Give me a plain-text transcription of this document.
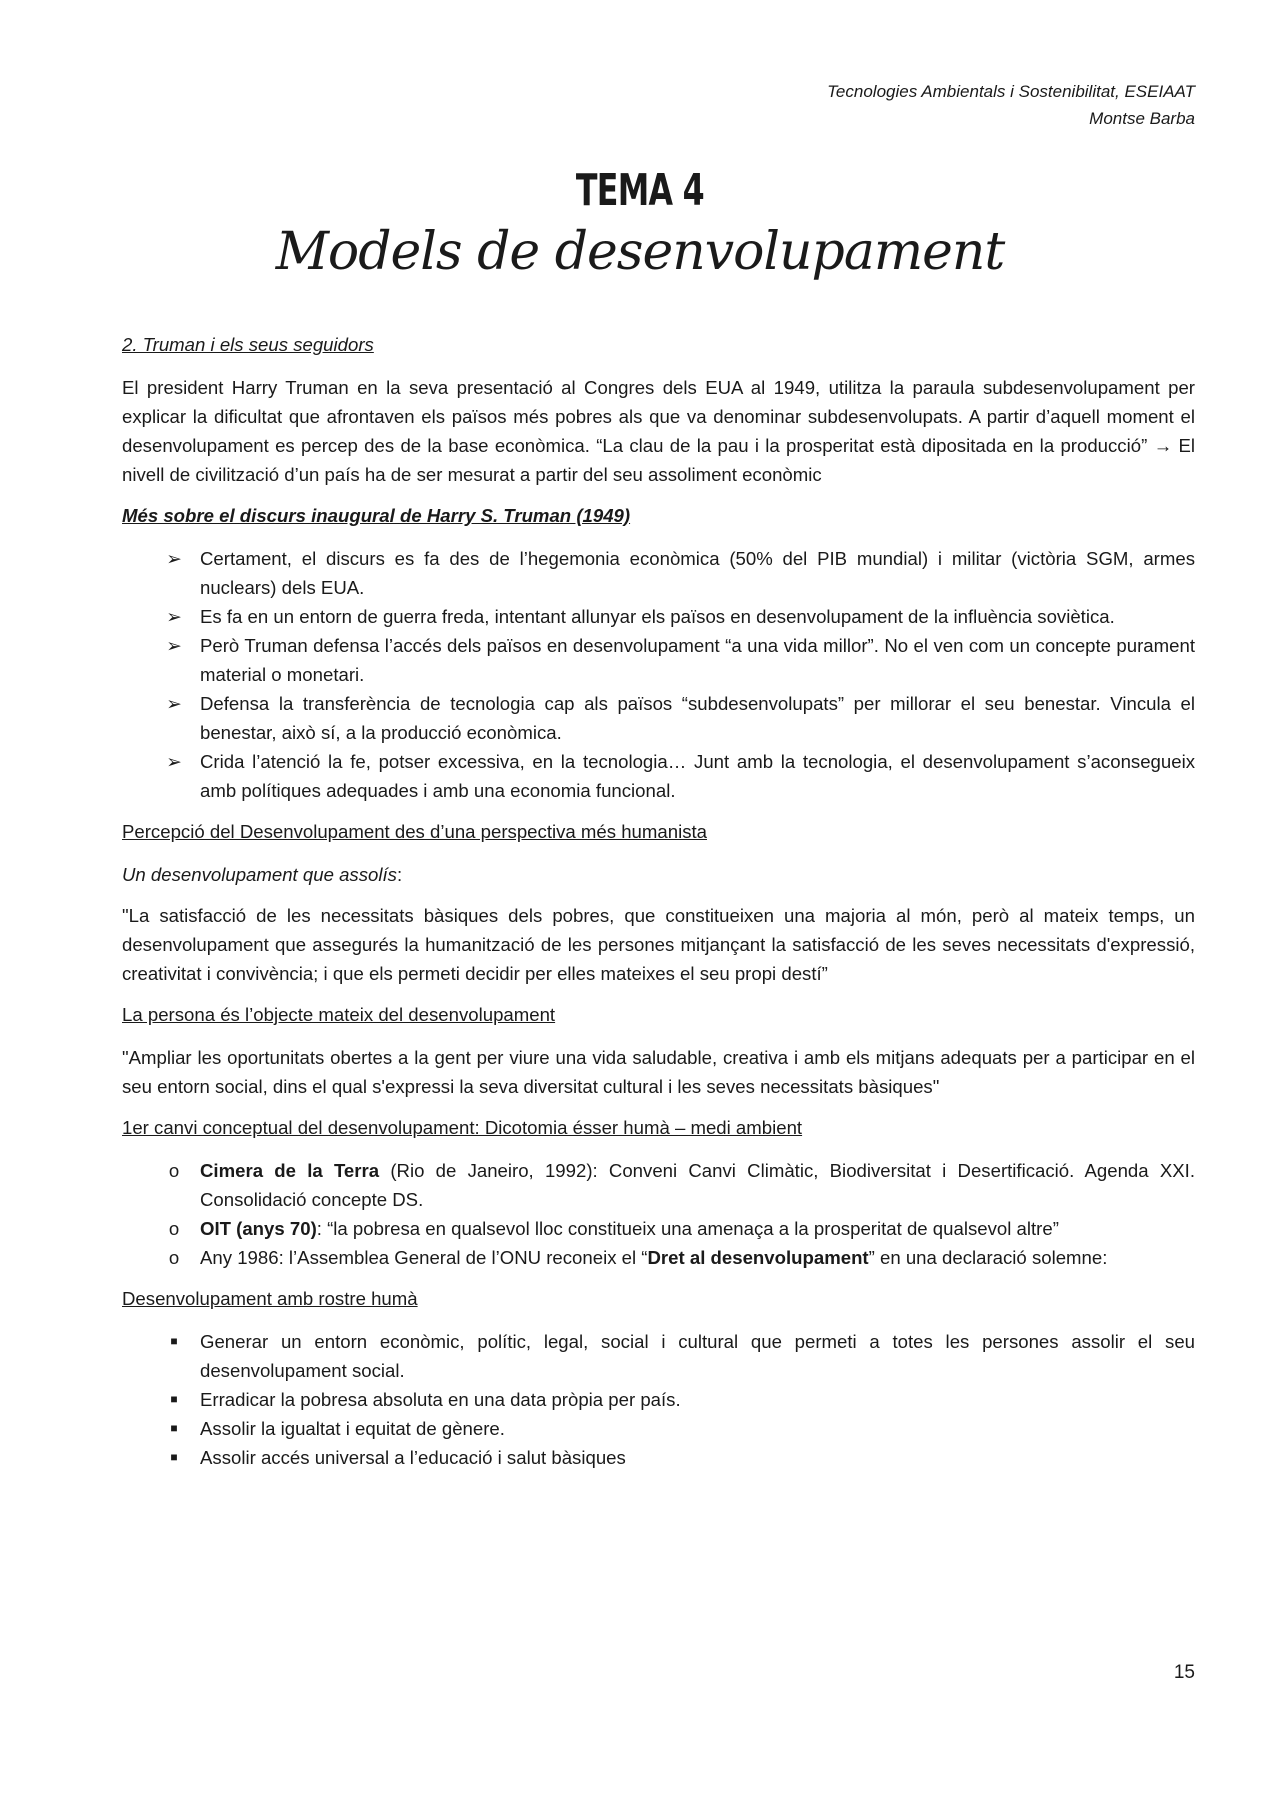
Tecnologies Ambientals i Sostenibilitat, ESEIAAT
Montse Barba
TEMA 4
Models de desenvolupament
2. Truman i els seus seguidors

El president Harry Truman en la seva presentació al Congres dels EUA al 1949, utilitza la paraula subdesenvolupament per explicar la dificultat que afrontaven els països més pobres als que va denominar subdesenvolupats. A partir d’aquell moment el desenvolupament es percep des de la base econòmica. “La clau de la pau i la prosperitat està dipositada en la producció” → El nivell de civilització d’un país ha de ser mesurat a partir del seu assoliment econòmic

Més sobre el discurs inaugural de Harry S. Truman (1949)
➢ Certament, el discurs es fa des de l’hegemonia econòmica (50% del PIB mundial) i militar (victòria SGM, armes nuclears) dels EUA.
➢ Es fa en un entorn de guerra freda, intentant allunyar els països en desenvolupament de la influència soviètica.
➢ Però Truman defensa l’accés dels països en desenvolupament “a una vida millor”. No el ven com un concepte purament material o monetari.
➢ Defensa la transferència de tecnologia cap als països “subdesenvolupats” per millorar el seu benestar. Vincula el benestar, això sí, a la producció econòmica.
➢ Crida l’atenció la fe, potser excessiva, en la tecnologia… Junt amb la tecnologia, el desenvolupament s’aconsegueix amb polítiques adequades i amb una economia funcional.
Percepció del Desenvolupament des d’una perspectiva més humanista

Un desenvolupament que assolís:

"La satisfacció de les necessitats bàsiques dels pobres, que constitueixen una majoria al món, però al mateix temps, un desenvolupament que assegurés la humanització de les persones mitjançant la satisfacció de les seves necessitats d'expressió, creativitat i convivència; i que els permeti decidir per elles mateixes el seu propi destí”

La persona és l’objecte mateix del desenvolupament

"Ampliar les oportunitats obertes a la gent per viure una vida saludable, creativa i amb els mitjans adequats per a participar en el seu entorn social, dins el qual s'expressi la seva diversitat cultural i les seves necessitats bàsiques"

1er canvi conceptual del desenvolupament: Dicotomia ésser humà – medi ambient
o	Cimera de la Terra (Rio de Janeiro, 1992): Conveni Canvi Climàtic, Biodiversitat i Desertificació. Agenda XXI. Consolidació concepte DS.
o	OIT (anys 70): “la pobresa en qualsevol lloc constitueix una amenaça a la prosperitat de qualsevol altre”
o	Any 1986: l’Assemblea General de l’ONU reconeix el “Dret al desenvolupament” en una declaració solemne:
Desenvolupament amb rostre humà
■	Generar un entorn econòmic, polític, legal, social i cultural que permeti a totes les persones assolir el seu desenvolupament social.
■	Erradicar la pobresa absoluta en una data pròpia per país.
■	Assolir la igualtat i equitat de gènere.
■	Assolir accés universal a l’educació i salut bàsiques
15
